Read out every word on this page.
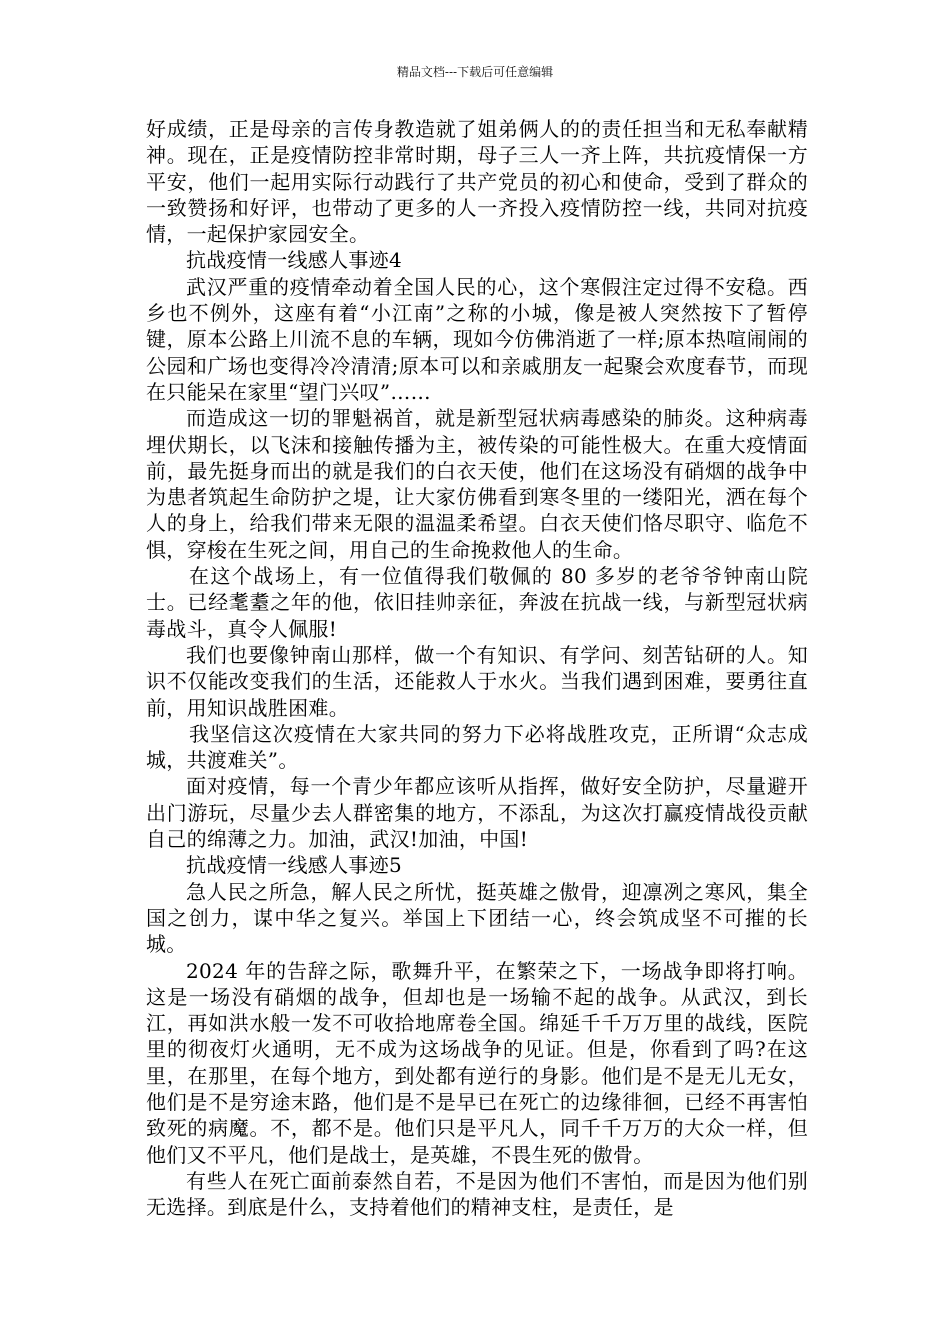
精品文档---下载后可任意编辑

好成绩，正是母亲的言传身教造就了姐弟俩人的的责任担当和无私奉献精神。现在，正是疫情防控非常时期，母子三人一齐上阵，共抗疫情保一方平安，他们一起用实际行动践行了共产党员的初心和使命，受到了群众的一致赞扬和好评，也带动了更多的人一齐投入疫情防控一线，共同对抗疫情，一起保护家园安全。

抗战疫情一线感人事迹4

武汉严重的疫情牵动着全国人民的心，这个寒假注定过得不安稳。西乡也不例外，这座有着“小江南”之称的小城，像是被人突然按下了暂停键，原本公路上川流不息的车辆，现如今仿佛消逝了一样;原本热喧闹闹的公园和广场也变得冷冷清清;原本可以和亲戚朋友一起聚会欢度春节，而现在只能呆在家里“望门兴叹”……

而造成这一切的罪魁祸首，就是新型冠状病毒感染的肺炎。这种病毒埋伏期长，以飞沫和接触传播为主，被传染的可能性极大。在重大疫情面前，最先挺身而出的就是我们的白衣天使，他们在这场没有硝烟的战争中为患者筑起生命防护之堤，让大家仿佛看到寒冬里的一缕阳光，洒在每个人的身上，给我们带来无限的温温柔希望。白衣天使们恪尽职守、临危不惧，穿梭在生死之间，用自己的生命挽救他人的生命。

在这个战场上，有一位值得我们敬佩的 80 多岁的老爷爷钟南山院士。已经耄耋之年的他，依旧挂帅亲征，奔波在抗战一线，与新型冠状病毒战斗，真令人佩服!

我们也要像钟南山那样，做一个有知识、有学问、刻苦钻研的人。知识不仅能改变我们的生活，还能救人于水火。当我们遇到困难，要勇往直前，用知识战胜困难。

我坚信这次疫情在大家共同的努力下必将战胜攻克，正所谓“众志成城，共渡难关”。

面对疫情，每一个青少年都应该听从指挥，做好安全防护，尽量避开出门游玩，尽量少去人群密集的地方，不添乱，为这次打赢疫情战役贡献自己的绵薄之力。加油，武汉!加油，中国!

抗战疫情一线感人事迹5

急人民之所急，解人民之所忧，挺英雄之傲骨，迎凛冽之寒风，集全国之创力，谋中华之复兴。举国上下团结一心，终会筑成坚不可摧的长城。

2024 年的告辞之际，歌舞升平，在繁荣之下，一场战争即将打响。这是一场没有硝烟的战争，但却也是一场输不起的战争。从武汉，到长江，再如洪水般一发不可收拾地席卷全国。绵延千千万万里的战线，医院里的彻夜灯火通明，无不成为这场战争的见证。但是，你看到了吗?在这里，在那里，在每个地方，到处都有逆行的身影。他们是不是无儿无女，他们是不是穷途末路，他们是不是早已在死亡的边缘徘徊，已经不再害怕致死的病魔。不，都不是。他们只是平凡人，同千千万万的大众一样，但他们又不平凡，他们是战士，是英雄，不畏生死的傲骨。

有些人在死亡面前泰然自若，不是因为他们不害怕，而是因为他们别无选择。到底是什么，支持着他们的精神支柱，是责任，是
